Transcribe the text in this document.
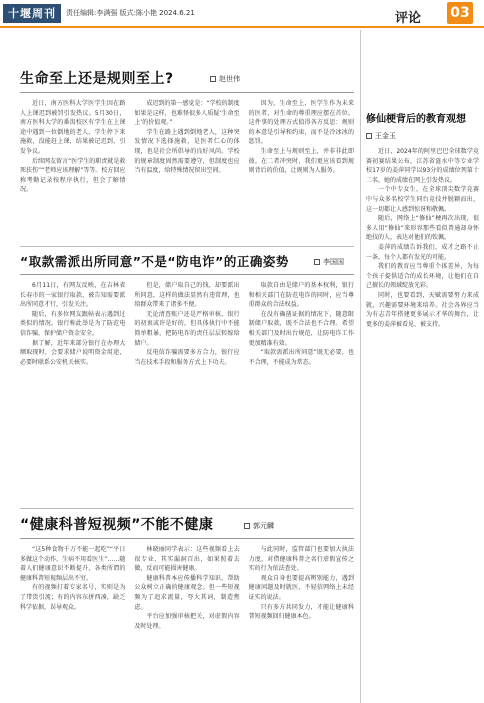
十堰周刊	责任编辑:李满强 版式:陈小艳 2024.6.21	评论 03
生命至上还是规则至上?	赵世伟

近日，南方医科大学医学生因在路人上课迟到被罚引发热议。5月30日，南方医科大学的番禺校区有学生在上课途中遇到一位倒地的老人，学生停下来施救，没能赶上课，结果被记迟到，引发争议。

后续网友留言“医学生的职责就是救死扶伤”“老师应该理解”等等。校方回应称考勤记录按程序执行，但会了解情况。

成迟到的第一感觉是：“学校的制度如果是这样，也难怪很多人质疑‘生命至上’的价值观。”

学生在路上遇到倒地老人，这种突发情况下选择施救，是医者仁心的体现，也是社会所倡导的良好风尚。学校的规章制度固然需要遵守，但制度也应当有温度，给特殊情况留出空间。

因为，生命至上，医学生作为未来的医者，对生命的尊重理应摆在首位。这件事的处理方式值得各方反思：规则的本意是引导和约束，而不是冷冰冰的惩罚。

生命至上与规则至上，并非非此即彼。在二者冲突时，我们更应该看到规则背后的价值，让规则为人服务。

“取款需派出所同意”不是“防电诈”的正确姿势	李国国

6月11日，有网友反映，在吉林省长春市的一家银行取款，被告知需要派出所同意才行，引发关注。

随后，有多位网友跟帖表示遇到过类似的情况。银行称此举是为了防范电信诈骗，保护储户资金安全。

据了解，近年来部分银行在办理大额取现时，会要求储户说明资金用途，必要时联系公安机关核实。

但是，储户取自己的钱，却要派出所同意，这样的做法显然有违常理，也给群众带来了诸多不便。

无论清查账户还是严格审核，银行的初衷或许是好的，但具体执行中不能简单粗暴，把防电诈的责任层层转嫁给储户。

反电信诈骗需要多方合力，银行应当在技术手段和服务方式上下功夫。

取款自由是储户的基本权利，银行和相关部门在防范电诈的同时，应当尊重群众的合法权益。

在没有确凿证据的情况下，随意限制储户取款，既不合法也不合理。希望相关部门及时出台规范，让防电诈工作更加精准有效。

“取款需派出所同意”既无必要，也不合理，不能成为常态。

“健康科普短视频”不能不健康	郭元麟

“这5种食物千万不能一起吃”“平日多做这个动作，生病不用看医生”……随着人们健康意识不断提升，各类所谓的健康科普短视频层出不穷。

有的视频打着专家名号，实则是为了带货引流；有的内容东拼西凑，缺乏科学依据，误导观众。

林晓丽同学表示：这些视频看上去很专业，其实漏洞百出，如果照着去做，反而可能损害健康。

健康科普本应传播科学知识，帮助公众树立正确的健康观念。但一些短视频为了追求流量，夸大其词，制造焦虑。

平台应加强审核把关，对虚假内容及时处理。

与此同时，监管部门也要加大执法力度，对借健康科普之名行虚假宣传之实的行为依法查处。

观众自身也要提高辨别能力，遇到健康问题及时就医，不轻信网络上未经证实的说法。

只有多方共同发力，才能让健康科普短视频回归健康本色。

修仙梗背后的教育观想
王金玉

近日，2024年的阿里巴巴全球数学竞赛初赛结果公布，江苏省涟水中等专业学校17岁的姜萍同学以93分的成绩位列第十二名，她的成绩在网上引发热议。

一个中专女生，在全球顶尖数学竞赛中与众多名校学生同台竞技并脱颖而出，这一切都让人感到惊讶和敬佩。

随后，网络上“修仙”梗再次出现，很多人用“修仙”来形容那些看似普通却身怀绝技的人，表达对他们的钦佩。

姜萍的成绩告诉我们，成才之路不止一条，每个人都有发光的可能。

我们的教育应当尊重个体差异，为每个孩子提供适合的成长环境，让他们在自己擅长的领域绽放光彩。

同时，也要看到，天赋需要努力来成就，兴趣需要环境来培养。社会各界应当为有志青年搭建更多展示才华的舞台，让更多的姜萍被看见、被支持。
